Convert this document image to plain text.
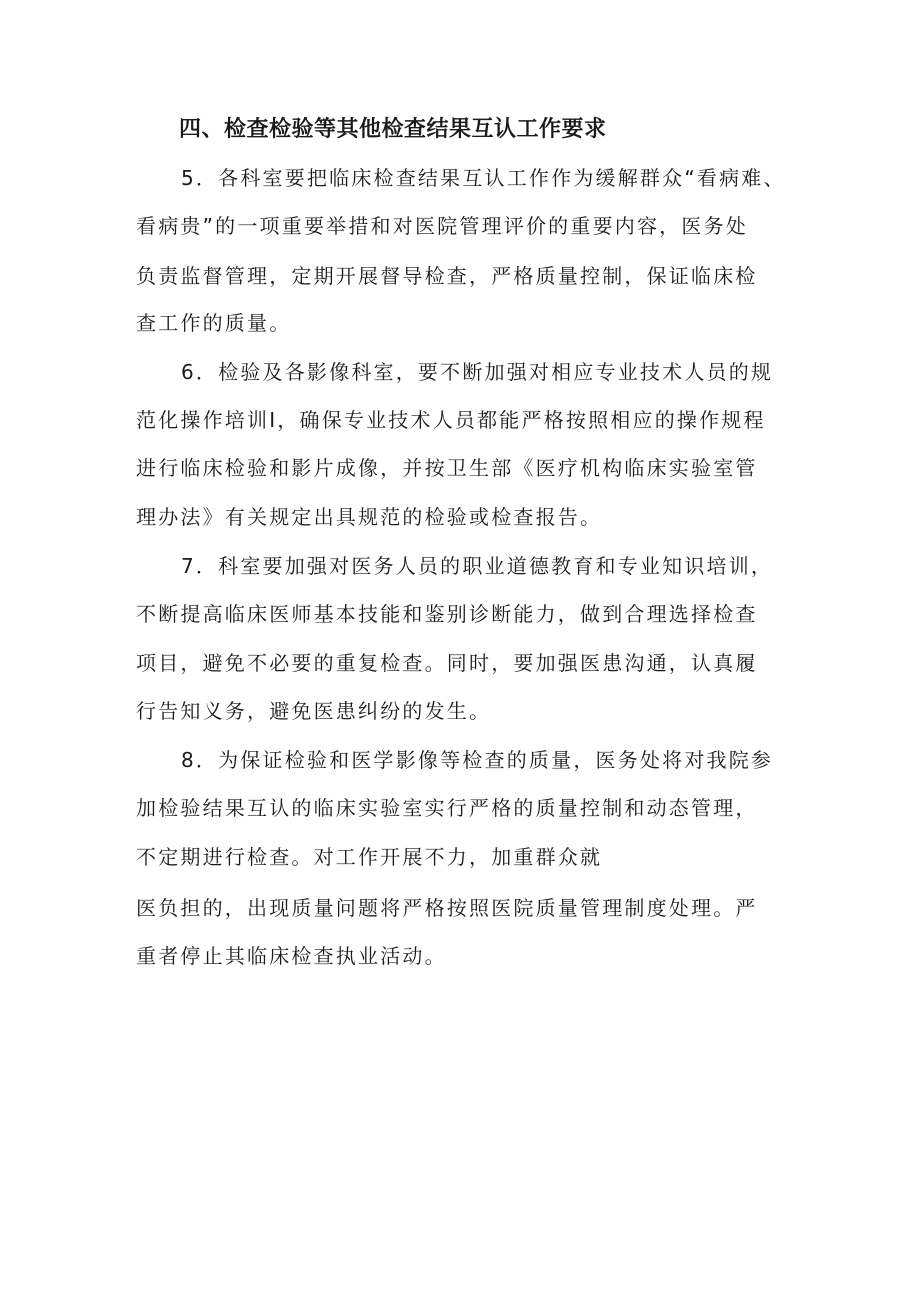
四、检查检验等其他检查结果互认工作要求
5．各科室要把临床检查结果互认工作作为缓解群众“看病难、
看病贵”的一项重要举措和对医院管理评价的重要内容，医务处
负责监督管理，定期开展督导检查，严格质量控制，保证临床检
查工作的质量。
6．检验及各影像科室，要不断加强对相应专业技术人员的规
范化操作培训I，确保专业技术人员都能严格按照相应的操作规程
进行临床检验和影片成像，并按卫生部《医疗机构临床实验室管
理办法》有关规定出具规范的检验或检查报告。
7．科室要加强对医务人员的职业道德教育和专业知识培训，
不断提高临床医师基本技能和鉴别诊断能力，做到合理选择检查
项目，避免不必要的重复检查。同时，要加强医患沟通，认真履
行告知义务，避免医患纠纷的发生。
8．为保证检验和医学影像等检查的质量，医务处将对我院参
加检验结果互认的临床实验室实行严格的质量控制和动态管理，
不定期进行检查。对工作开展不力，加重群众就
医负担的，出现质量问题将严格按照医院质量管理制度处理。严
重者停止其临床检查执业活动。
